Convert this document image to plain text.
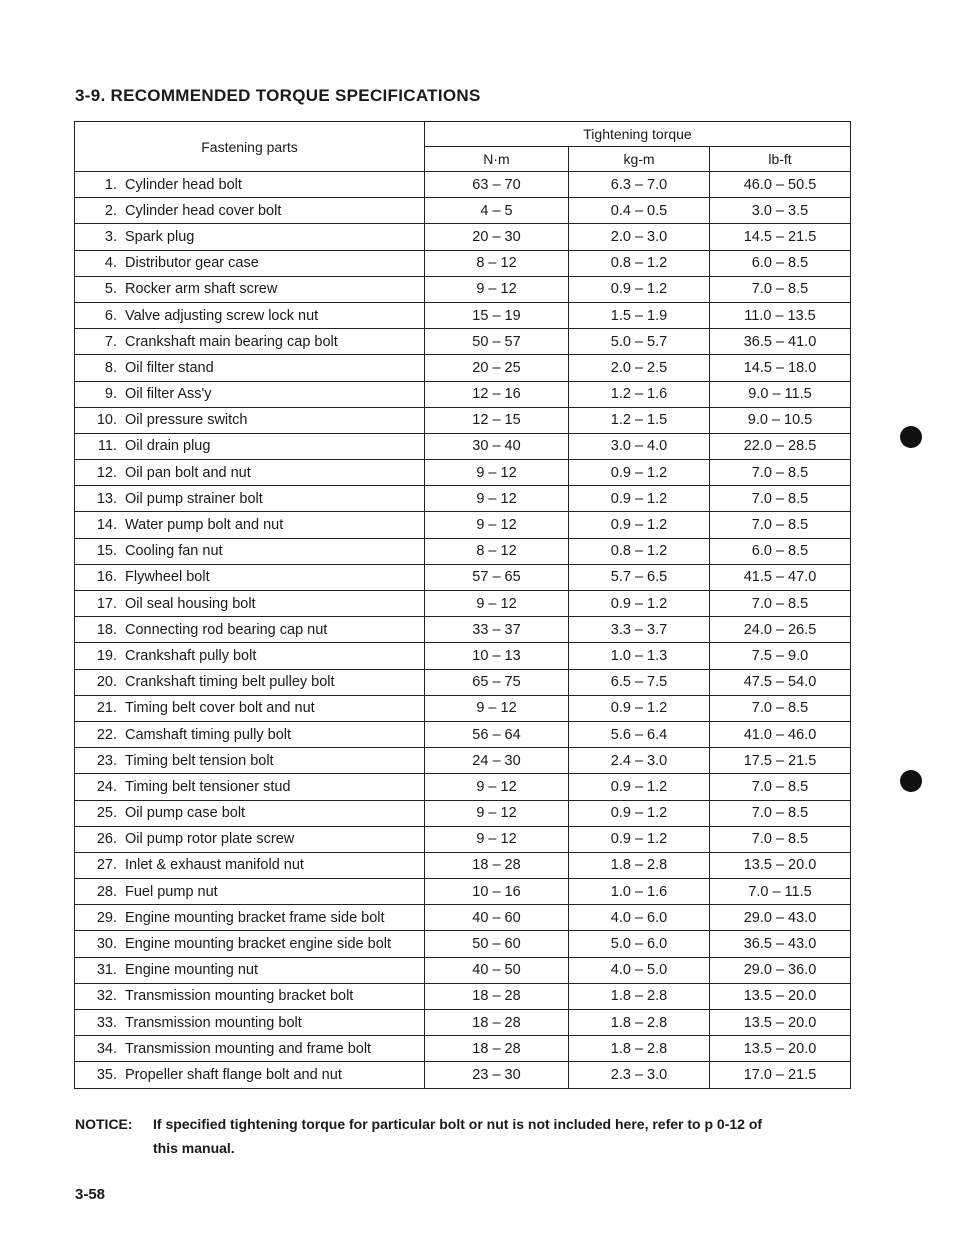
3-9. RECOMMENDED TORQUE SPECIFICATIONS
Fastening parts	Tightening torque		
	N·m	kg-m	lb-ft
1. Cylinder head bolt	63 – 70	6.3 – 7.0	46.0 – 50.5
2. Cylinder head cover bolt	4 – 5	0.4 – 0.5	3.0 – 3.5
3. Spark plug	20 – 30	2.0 – 3.0	14.5 – 21.5
4. Distributor gear case	8 – 12	0.8 – 1.2	6.0 – 8.5
5. Rocker arm shaft screw	9 – 12	0.9 – 1.2	7.0 – 8.5
6. Valve adjusting screw lock nut	15 – 19	1.5 – 1.9	11.0 – 13.5
7. Crankshaft main bearing cap bolt	50 – 57	5.0 – 5.7	36.5 – 41.0
8. Oil filter stand	20 – 25	2.0 – 2.5	14.5 – 18.0
9. Oil filter Ass'y	12 – 16	1.2 – 1.6	9.0 – 11.5
10. Oil pressure switch	12 – 15	1.2 – 1.5	9.0 – 10.5
11. Oil drain plug	30 – 40	3.0 – 4.0	22.0 – 28.5
12. Oil pan bolt and nut	9 – 12	0.9 – 1.2	7.0 – 8.5
13. Oil pump strainer bolt	9 – 12	0.9 – 1.2	7.0 – 8.5
14. Water pump bolt and nut	9 – 12	0.9 – 1.2	7.0 – 8.5
15. Cooling fan nut	8 – 12	0.8 – 1.2	6.0 – 8.5
16. Flywheel bolt	57 – 65	5.7 – 6.5	41.5 – 47.0
17. Oil seal housing bolt	9 – 12	0.9 – 1.2	7.0 – 8.5
18. Connecting rod bearing cap nut	33 – 37	3.3 – 3.7	24.0 – 26.5
19. Crankshaft pully bolt	10 – 13	1.0 – 1.3	7.5 – 9.0
20. Crankshaft timing belt pulley bolt	65 – 75	6.5 – 7.5	47.5 – 54.0
21. Timing belt cover bolt and nut	9 – 12	0.9 – 1.2	7.0 – 8.5
22. Camshaft timing pully bolt	56 – 64	5.6 – 6.4	41.0 – 46.0
23. Timing belt tension bolt	24 – 30	2.4 – 3.0	17.5 – 21.5
24. Timing belt tensioner stud	9 – 12	0.9 – 1.2	7.0 – 8.5
25. Oil pump case bolt	9 – 12	0.9 – 1.2	7.0 – 8.5
26. Oil pump rotor plate screw	9 – 12	0.9 – 1.2	7.0 – 8.5
27. Inlet & exhaust manifold nut	18 – 28	1.8 – 2.8	13.5 – 20.0
28. Fuel pump nut	10 – 16	1.0 – 1.6	7.0 – 11.5
29. Engine mounting bracket frame side bolt	40 – 60	4.0 – 6.0	29.0 – 43.0
30. Engine mounting bracket engine side bolt	50 – 60	5.0 – 6.0	36.5 – 43.0
31. Engine mounting nut	40 – 50	4.0 – 5.0	29.0 – 36.0
32. Transmission mounting bracket bolt	18 – 28	1.8 – 2.8	13.5 – 20.0
33. Transmission mounting bolt	18 – 28	1.8 – 2.8	13.5 – 20.0
34. Transmission mounting and frame bolt	18 – 28	1.8 – 2.8	13.5 – 20.0
35. Propeller shaft flange bolt and nut	23 – 30	2.3 – 3.0	17.0 – 21.5
NOTICE: If specified tightening torque for particular bolt or nut is not included here, refer to p 0-12 of
this manual.
3-58
